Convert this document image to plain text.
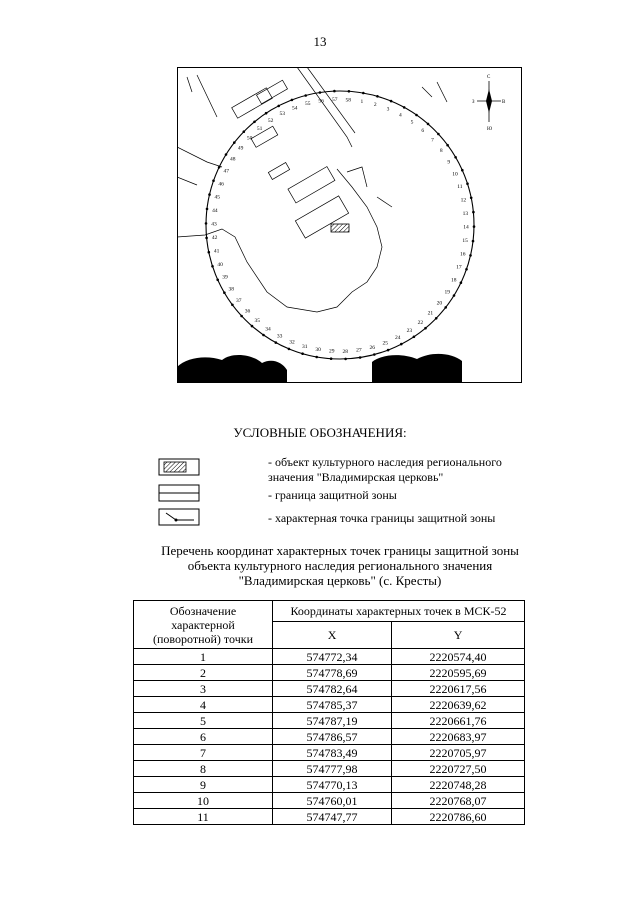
13
С
З	В
Ю
1
2
3
4
5
6
7
8
9
10
11
12
13
14
15
16
17
18
19
20
21
22
23
24
25
26
27
28
29
30
31
32
33
34
35
36
37
38
39
40
41
42
43
44
45
46
47
48
49
50
51
52
53
54
55 56 57 58
УСЛОВНЫЕ ОБОЗНАЧЕНИЯ:
- объект культурного наследия регионального
значения "Владимирская церковь"
- граница защитной зоны
- характерная точка границы защитной зоны
Перечень координат характерных точек границы защитной зоны
объекта культурного наследия регионального значения
"Владимирская церковь" (с. Кресты)
Обозначение
характерной
(поворотной) точки	Координаты характерных точек в МСК-52	
	X	Y
1	574772,34	2220574,40
2	574778,69	2220595,69
3	574782,64	2220617,56
4	574785,37	2220639,62
5	574787,19	2220661,76
6	574786,57	2220683,97
7	574783,49	2220705,97
8	574777,98	2220727,50
9	574770,13	2220748,28
10	574760,01	2220768,07
11	574747,77	2220786,60
